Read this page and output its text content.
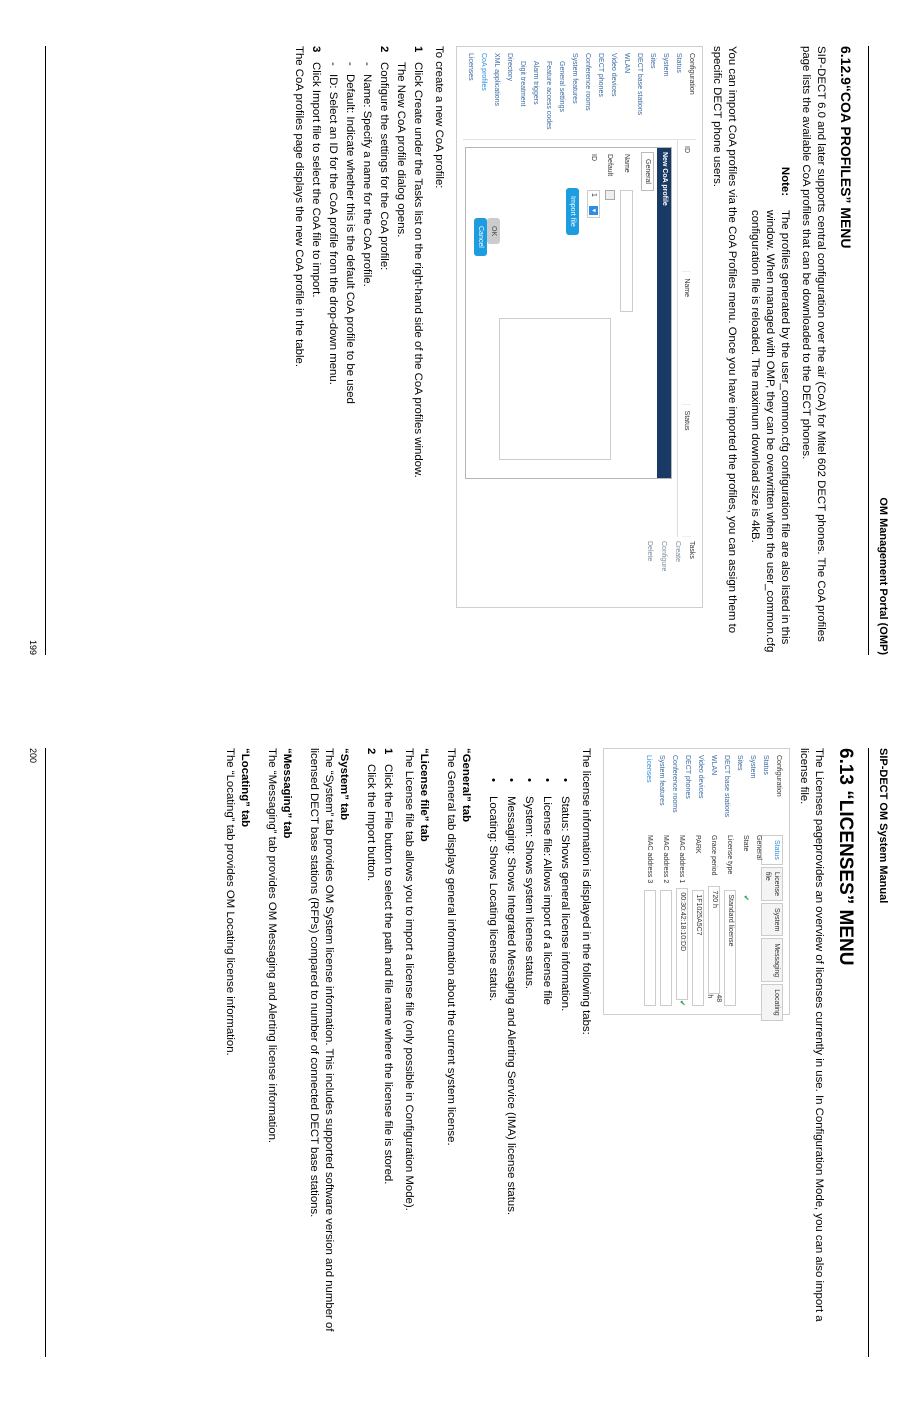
OM Management Portal (OMP)
6.12.9“COA PROFILES” MENU

SIP-DECT 6.0 and later supports central configuration over the air (CoA) for Mitel 602 DECT phones. The CoA profiles page lists the available CoA profiles that can be downloaded to the DECT phones.

Note:
The profiles generated by the user_common.cfg configuration file are also listed in this window. When managed with OMP, they can be overwritten when the user_common.cfg configuration file is reloaded. The maximum download size is 4kB.

You can import CoA profiles via the CoA Profiles menu. Once you have imported the profiles, you can assign them to specific DECT phone users.

Configuration
Status
System
Sites
DECT base stations
WLAN
Video devices
DECT phones
Conference rooms
System features
General settings
Feature access codes
Alarm triggers
Digit treatment
Directory
XML applications
CoA profiles
Licenses
ID
Name
Status
Tasks
Create
Configure
Delete
New CoA profile
General
Name
Default
ID
1
▾
Import file
OK Cancel

To create a new CoA profile:

1
Click Create under the Tasks list on the right-hand side of the CoA profiles window.
The New CoA profile dialog opens.
2
Configure the settings for the CoA profile:
-
Name: Specify a name for the CoA profile.
-
Default: Indicate whether this is the default CoA profile to be used
-
ID: Select an ID for the CoA profile from the drop-down menu.
3
Click Import file to select the CoA file to import.

The CoA profiles page displays the new CoA profile in the table.

199
SIP-DECT OM System Manual
6.13 “LICENSES” MENU

The Licenses pageprovides an overview of licenses currently in use. In Configuration Mode, you can also import a license file.

Configuration
Status
System
Sites
DECT base stations
WLAN
Video devices
DECT phones
Conference rooms
System features
Licenses
Status
License file
System
Messaging
Locating
General
State
✔
License type
Standard license
Grace period
720 h
48 h
PARK
1F1025A5C7
MAC address 1
00:30:42:18:10:DD
✔
MAC address 2
MAC address 3

The license information is displayed in the following tabs:

•
Status: Shows general license information.
•
License file: Allows import of a license file
•
System: Shows system license status.
•
Messaging: Shows Integrated Messaging and Alerting Service (IMA) license status.
•
Locating: Shows Locating license status.
“General” tab

The General tab displays general information about the current system license.

“License file” tab

The License file tab allows you to import a license file (only possible in Configuration Mode).

1
Click the File button to select the path and file name where the license file is stored.
2
Click the Import button.
“System” tab

The “System” tab provides OM System license information. This includes supported software version and number of licensed DECT base stations (RFPs) compared to number of connected DECT base stations.

“Messaging” tab

The “Messaging” tab provides OM Messaging and Alerting license information.

“Locating” tab

The “Locating” tab provides OM Locating license information.

200
